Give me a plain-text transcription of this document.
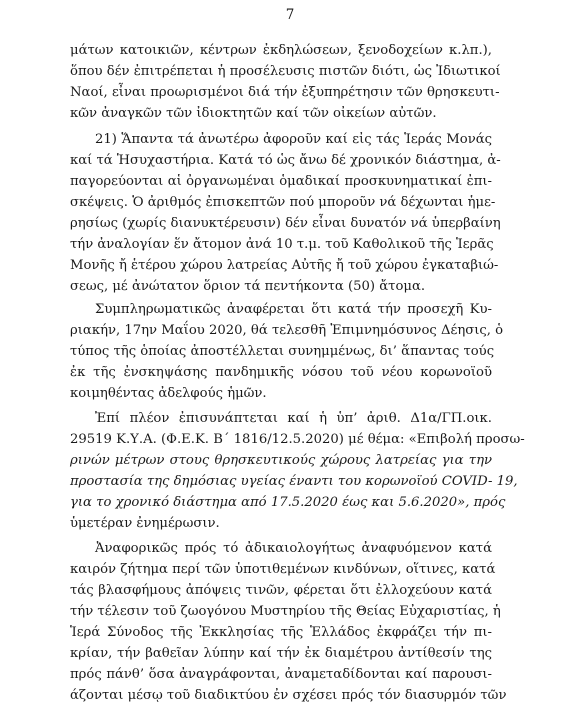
7
μάτων κατοικιῶν, κέντρων ἐκδηλώσεων, ξενοδοχείων κ.λπ.),
ὅπου δέν ἐπιτρέπεται ἡ προσέλευσις πιστῶν διότι, ὡς Ἰδιωτικοί
Ναοί, εἶναι προωρισμένοι διά τήν ἐξυπηρέτησιν τῶν θρησκευτι-
κῶν ἀναγκῶν τῶν ἰδιοκτητῶν καί τῶν οἰκείων αὐτῶν.
21) Ἅπαντα τά ἀνωτέρω ἀφοροῦν καί εἰς τάς Ἱεράς Μονάς
καί τά Ἡσυχαστήρια. Κατά τό ὡς ἄνω δέ χρονικόν διάστημα, ἀ-
παγορεύονται αἱ ὀργανωμέναι ὁμαδικαί προσκυνηματικαί ἐπι-
σκέψεις. Ὁ ἀριθμός ἐπισκεπτῶν πού μποροῦν νά δέχωνται ἡμε-
ρησίως (χωρίς διανυκτέρευσιν) δέν εἶναι δυνατόν νά ὑπερβαίνη
τήν ἀναλογίαν ἕν ἄτομον ἀνά 10 τ.μ. τοῦ Καθολικοῦ τῆς Ἱερᾶς
Μονῆς ἤ ἑτέρου χώρου λατρείας Αὐτῆς ἤ τοῦ χώρου ἐγκαταβιώ-
σεως, μέ ἀνώτατον ὅριον τά πεντήκοντα (50) ἄτομα.
Συμπληρωματικῶς ἀναφέρεται ὅτι κατά τήν προσεχῆ Κυ-
ριακήν, 17ην Μαΐου 2020, θά τελεσθῆ Ἐπιμνημόσυνος Δέησις, ὁ
τύπος τῆς ὁποίας ἀποστέλλεται συνημμένως, δι’ ἅπαντας τούς
ἐκ τῆς ἐνσκηψάσης πανδημικῆς νόσου τοῦ νέου κορωνοϊοῦ
κοιμηθέντας ἀδελφούς ἡμῶν.
Ἐπί πλέον ἐπισυνάπτεται καί ἡ ὑπ’ ἀριθ. Δ1α/ΓΠ.οικ.
29519 Κ.Υ.Α. (Φ.Ε.Κ. Β΄ 1816/12.5.2020) μέ θέμα: «Επιβολή προσω-
ρινών μέτρων στους θρησκευτικούς χώρους λατρείας για την
προστασία της δημόσιας υγείας έναντι του κορωνοϊού COVID- 19,
για το χρονικό διάστημα από 17.5.2020 έως και 5.6.2020», πρός
ὑμετέραν ἐνημέρωσιν.
Ἀναφορικῶς πρός τό ἀδικαιολογήτως ἀναφυόμενον κατά
καιρόν ζήτημα περί τῶν ὑποτιθεμένων κινδύνων, οἵτινες, κατά
τάς βλασφήμους ἀπόψεις τινῶν, φέρεται ὅτι ἐλλοχεύουν κατά
τήν τέλεσιν τοῦ ζωογόνου Μυστηρίου τῆς Θείας Εὐχαριστίας, ἡ
Ἱερά Σύνοδος τῆς Ἐκκλησίας τῆς Ἑλλάδος ἐκφράζει τήν πι-
κρίαν, τήν βαθεῖαν λύπην καί τήν ἐκ διαμέτρου ἀντίθεσίν της
πρός πάνθ’ ὅσα ἀναγράφονται, ἀναμεταδίδονται καί παρουσι-
άζονται μέσῳ τοῦ διαδικτύου ἐν σχέσει πρός τόν διασυρμόν τῶν
